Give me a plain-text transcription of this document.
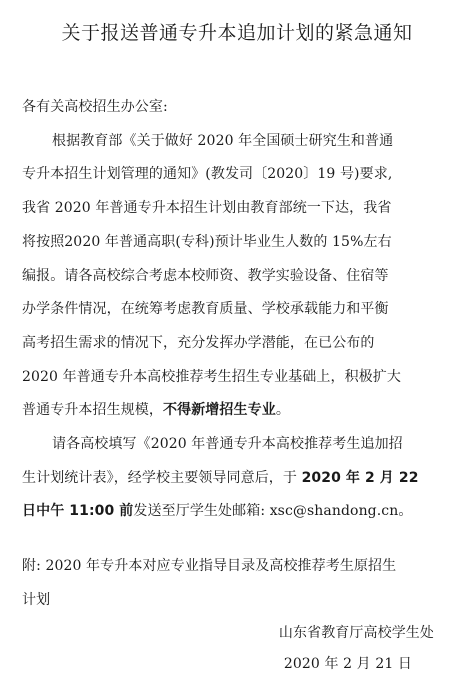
关于报送普通专升本追加计划的紧急通知
各有关高校招生办公室:
根据教育部《关于做好 2020 年全国硕士研究生和普通
专升本招生计划管理的通知》(教发司〔2020〕19 号)要求,
我省 2020 年普通专升本招生计划由教育部统一下达，我省
将按照2020 年普通高职(专科)预计毕业生人数的 15%左右
编报。请各高校综合考虑本校师资、教学实验设备、住宿等
办学条件情况，在统筹考虑教育质量、学校承载能力和平衡
高考招生需求的情况下，充分发挥办学潜能，在已公布的
2020 年普通专升本高校推荐考生招生专业基础上，积极扩大
普通专升本招生规模，不得新增招生专业。
请各高校填写《2020 年普通专升本高校推荐考生追加招
生计划统计表》，经学校主要领导同意后，于 2020 年 2 月 22
日中午 11:00 前发送至厅学生处邮箱: xsc@shandong.cn。
附: 2020 年专升本对应专业指导目录及高校推荐考生原招生
计划
山东省教育厅高校学生处
2020 年 2 月 21 日
